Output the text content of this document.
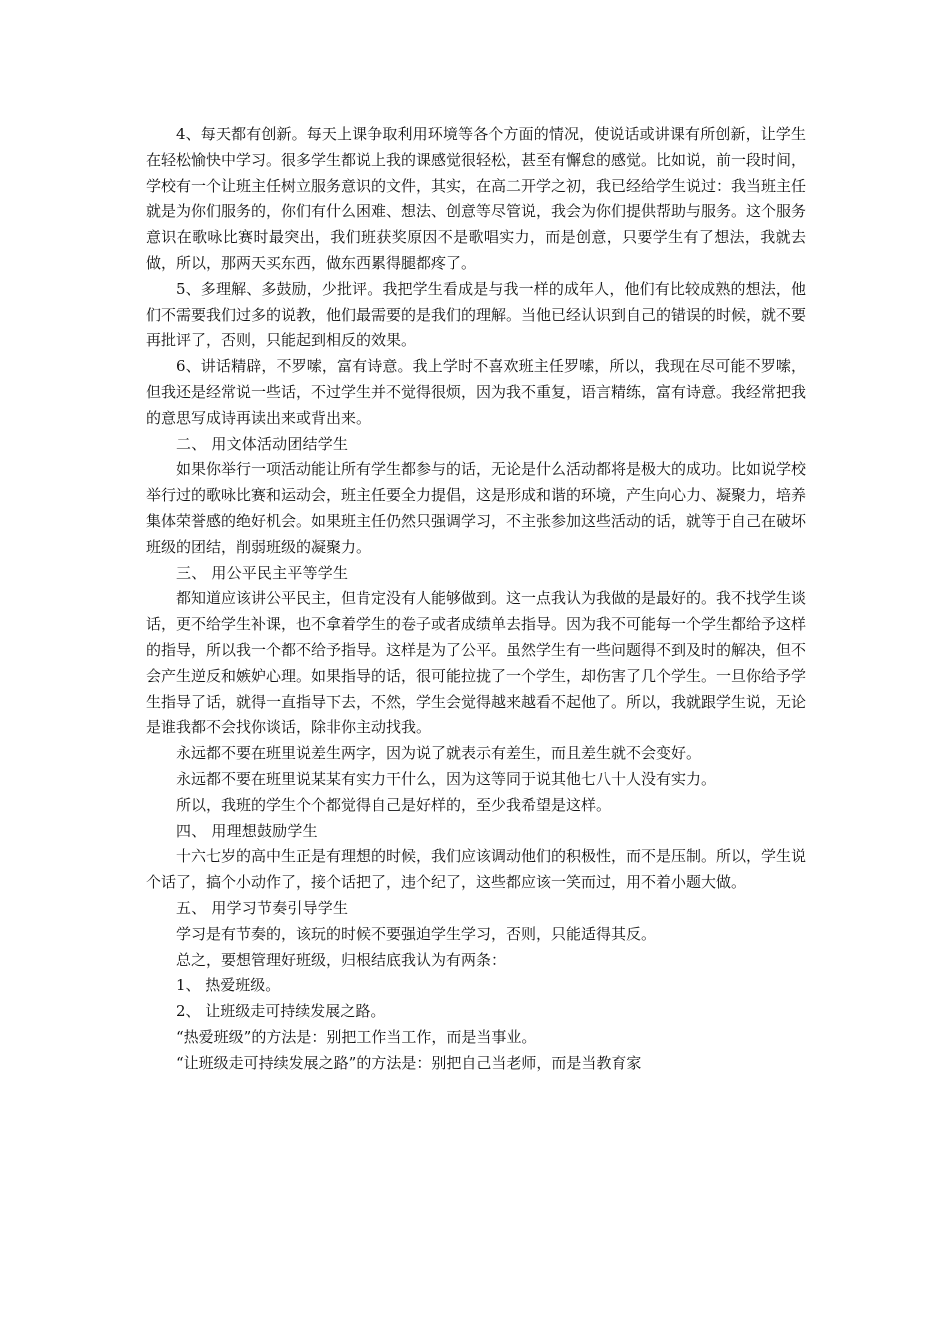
4、每天都有创新。每天上课争取利用环境等各个方面的情况，使说话或讲课有所创新，让学生在轻松愉快中学习。很多学生都说上我的课感觉很轻松，甚至有懈怠的感觉。比如说，前一段时间，学校有一个让班主任树立服务意识的文件，其实，在高二开学之初，我已经给学生说过：我当班主任就是为你们服务的，你们有什么困难、想法、创意等尽管说，我会为你们提供帮助与服务。这个服务意识在歌咏比赛时最突出，我们班获奖原因不是歌唱实力，而是创意，只要学生有了想法，我就去做，所以，那两天买东西，做东西累得腿都疼了。

5、多理解、多鼓励，少批评。我把学生看成是与我一样的成年人，他们有比较成熟的想法，他们不需要我们过多的说教，他们最需要的是我们的理解。当他已经认识到自己的错误的时候，就不要再批评了，否则，只能起到相反的效果。

6、讲话精辟，不罗嗦，富有诗意。我上学时不喜欢班主任罗嗦，所以，我现在尽可能不罗嗦，但我还是经常说一些话，不过学生并不觉得很烦，因为我不重复，语言精练，富有诗意。我经常把我的意思写成诗再读出来或背出来。

二、 用文体活动团结学生

如果你举行一项活动能让所有学生都参与的话，无论是什么活动都将是极大的成功。比如说学校举行过的歌咏比赛和运动会，班主任要全力提倡，这是形成和谐的环境，产生向心力、凝聚力，培养集体荣誉感的绝好机会。如果班主任仍然只强调学习，不主张参加这些活动的话，就等于自己在破坏班级的团结，削弱班级的凝聚力。

三、 用公平民主平等学生

都知道应该讲公平民主，但肯定没有人能够做到。这一点我认为我做的是最好的。我不找学生谈话，更不给学生补课，也不拿着学生的卷子或者成绩单去指导。因为我不可能每一个学生都给予这样的指导，所以我一个都不给予指导。这样是为了公平。虽然学生有一些问题得不到及时的解决，但不会产生逆反和嫉妒心理。如果指导的话，很可能拉拢了一个学生，却伤害了几个学生。一旦你给予学生指导了话，就得一直指导下去，不然，学生会觉得越来越看不起他了。所以，我就跟学生说，无论是谁我都不会找你谈话，除非你主动找我。

永远都不要在班里说差生两字，因为说了就表示有差生，而且差生就不会变好。

永远都不要在班里说某某有实力干什么，因为这等同于说其他七八十人没有实力。

所以，我班的学生个个都觉得自己是好样的，至少我希望是这样。

四、 用理想鼓励学生

十六七岁的高中生正是有理想的时候，我们应该调动他们的积极性，而不是压制。所以，学生说个话了，搞个小动作了，接个话把了，违个纪了，这些都应该一笑而过，用不着小题大做。

五、 用学习节奏引导学生

学习是有节奏的，该玩的时候不要强迫学生学习，否则，只能适得其反。

总之，要想管理好班级，归根结底我认为有两条：

1、 热爱班级。

2、 让班级走可持续发展之路。

“热爱班级”的方法是：别把工作当工作，而是当事业。

“让班级走可持续发展之路”的方法是：别把自己当老师，而是当教育家
